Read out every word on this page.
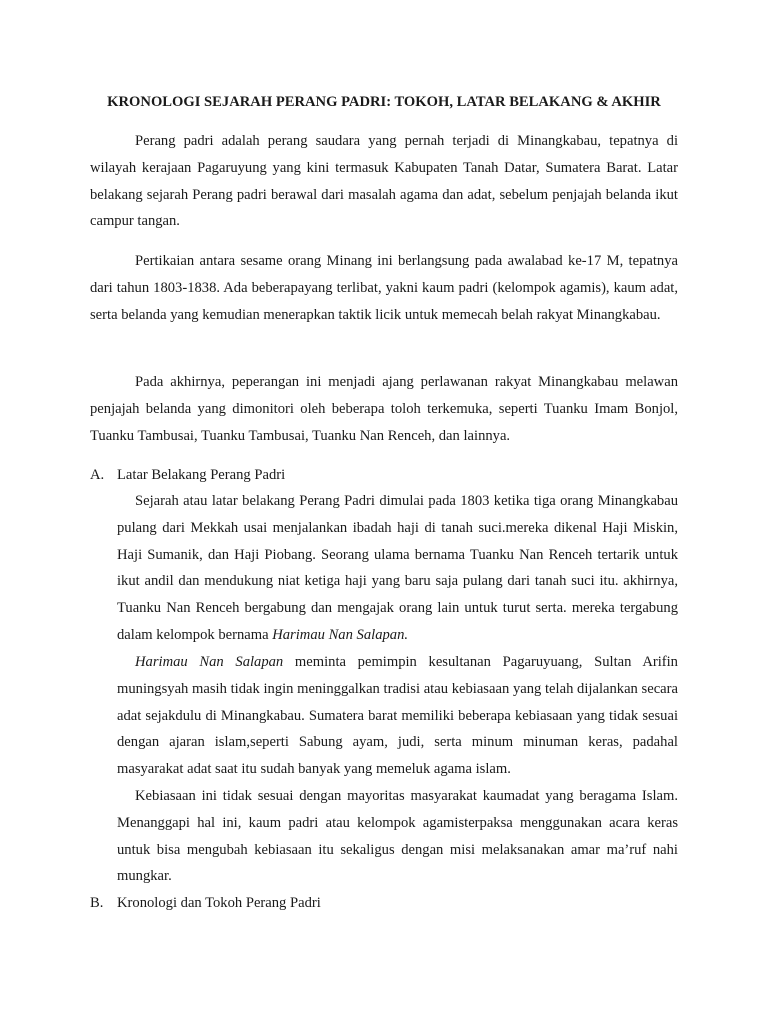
KRONOLOGI SEJARAH PERANG PADRI: TOKOH, LATAR BELAKANG & AKHIR

Perang padri adalah perang saudara yang pernah terjadi di Minangkabau, tepatnya di wilayah kerajaan Pagaruyung yang kini termasuk Kabupaten Tanah Datar, Sumatera Barat. Latar belakang sejarah Perang padri berawal dari masalah agama dan adat, sebelum penjajah belanda ikut campur tangan.

Pertikaian antara sesame orang Minang ini berlangsung pada awalabad ke-17 M, tepatnya dari tahun 1803-1838. Ada beberapayang terlibat, yakni kaum padri (kelompok agamis), kaum adat, serta belanda yang kemudian menerapkan taktik licik untuk memecah belah rakyat Minangkabau.

Pada akhirnya, peperangan ini menjadi ajang perlawanan rakyat Minangkabau melawan penjajah belanda yang dimonitori oleh beberapa toloh terkemuka, seperti Tuanku Imam Bonjol, Tuanku Tambusai, Tuanku Tambusai, Tuanku Nan Renceh, dan lainnya.

A. Latar Belakang Perang Padri

Sejarah atau latar belakang Perang Padri dimulai pada 1803 ketika tiga orang Minangkabau pulang dari Mekkah usai menjalankan ibadah haji di tanah suci.mereka dikenal Haji Miskin, Haji Sumanik, dan Haji Piobang. Seorang ulama bernama Tuanku Nan Renceh tertarik untuk ikut andil dan mendukung niat ketiga haji yang baru saja pulang dari tanah suci itu. akhirnya, Tuanku Nan Renceh bergabung dan mengajak orang lain untuk turut serta. mereka tergabung dalam kelompok bernama Harimau Nan Salapan.

Harimau Nan Salapan meminta pemimpin kesultanan Pagaruyuang, Sultan Arifin muningsyah masih tidak ingin meninggalkan tradisi atau kebiasaan yang telah dijalankan secara adat sejakdulu di Minangkabau. Sumatera barat memiliki beberapa kebiasaan yang tidak sesuai dengan ajaran islam,seperti Sabung ayam, judi, serta minum minuman keras, padahal masyarakat adat saat itu sudah banyak yang memeluk agama islam.

Kebiasaan ini tidak sesuai dengan mayoritas masyarakat kaumadat yang beragama Islam. Menanggapi hal ini, kaum padri atau kelompok agamisterpaksa menggunakan acara keras untuk bisa mengubah kebiasaan itu sekaligus dengan misi melaksanakan amar ma’ruf nahi mungkar.

B. Kronologi dan Tokoh Perang Padri
